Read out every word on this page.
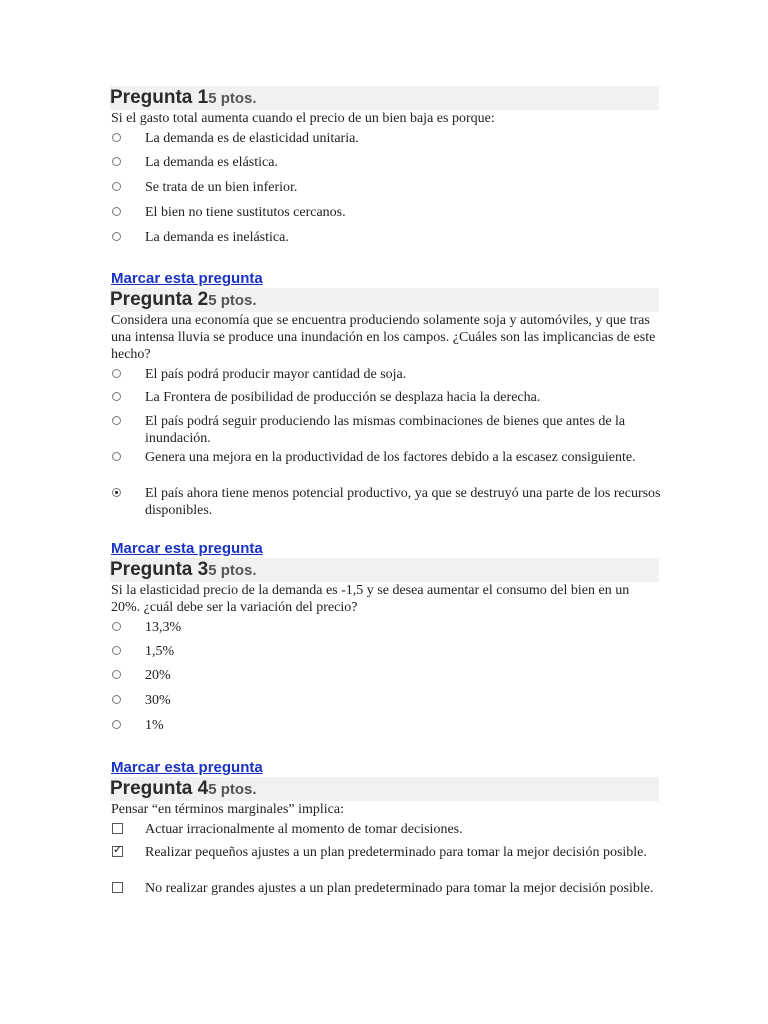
Pregunta 15 ptos.
Si el gasto total aumenta cuando el precio de un bien baja es porque:
La demanda es de elasticidad unitaria.
La demanda es elástica.
Se trata de un bien inferior.
El bien no tiene sustitutos cercanos.
La demanda es inelástica.
Marcar esta pregunta
Pregunta 25 ptos.
Considera una economía que se encuentra produciendo solamente soja y automóviles, y que tras una intensa lluvia se produce una inundación en los campos. ¿Cuáles son las implicancias de este hecho?
El país podrá producir mayor cantidad de soja.
La Frontera de posibilidad de producción se desplaza hacia la derecha.
El país podrá seguir produciendo las mismas combinaciones de bienes que antes de la inundación.
Genera una mejora en la productividad de los factores debido a la escasez consiguiente.
El país ahora tiene menos potencial productivo, ya que se destruyó una parte de los recursos disponibles.
Marcar esta pregunta
Pregunta 35 ptos.
Si la elasticidad precio de la demanda es -1,5 y se desea aumentar el consumo del bien en un 20%. ¿cuál debe ser la variación del precio?
13,3%
1,5%
20%
30%
1%
Marcar esta pregunta
Pregunta 45 ptos.
Pensar “en términos marginales” implica:
Actuar irracionalmente al momento de tomar decisiones.
✓
Realizar pequeños ajustes a un plan predeterminado para tomar la mejor decisión posible.
No realizar grandes ajustes a un plan predeterminado para tomar la mejor decisión posible.
